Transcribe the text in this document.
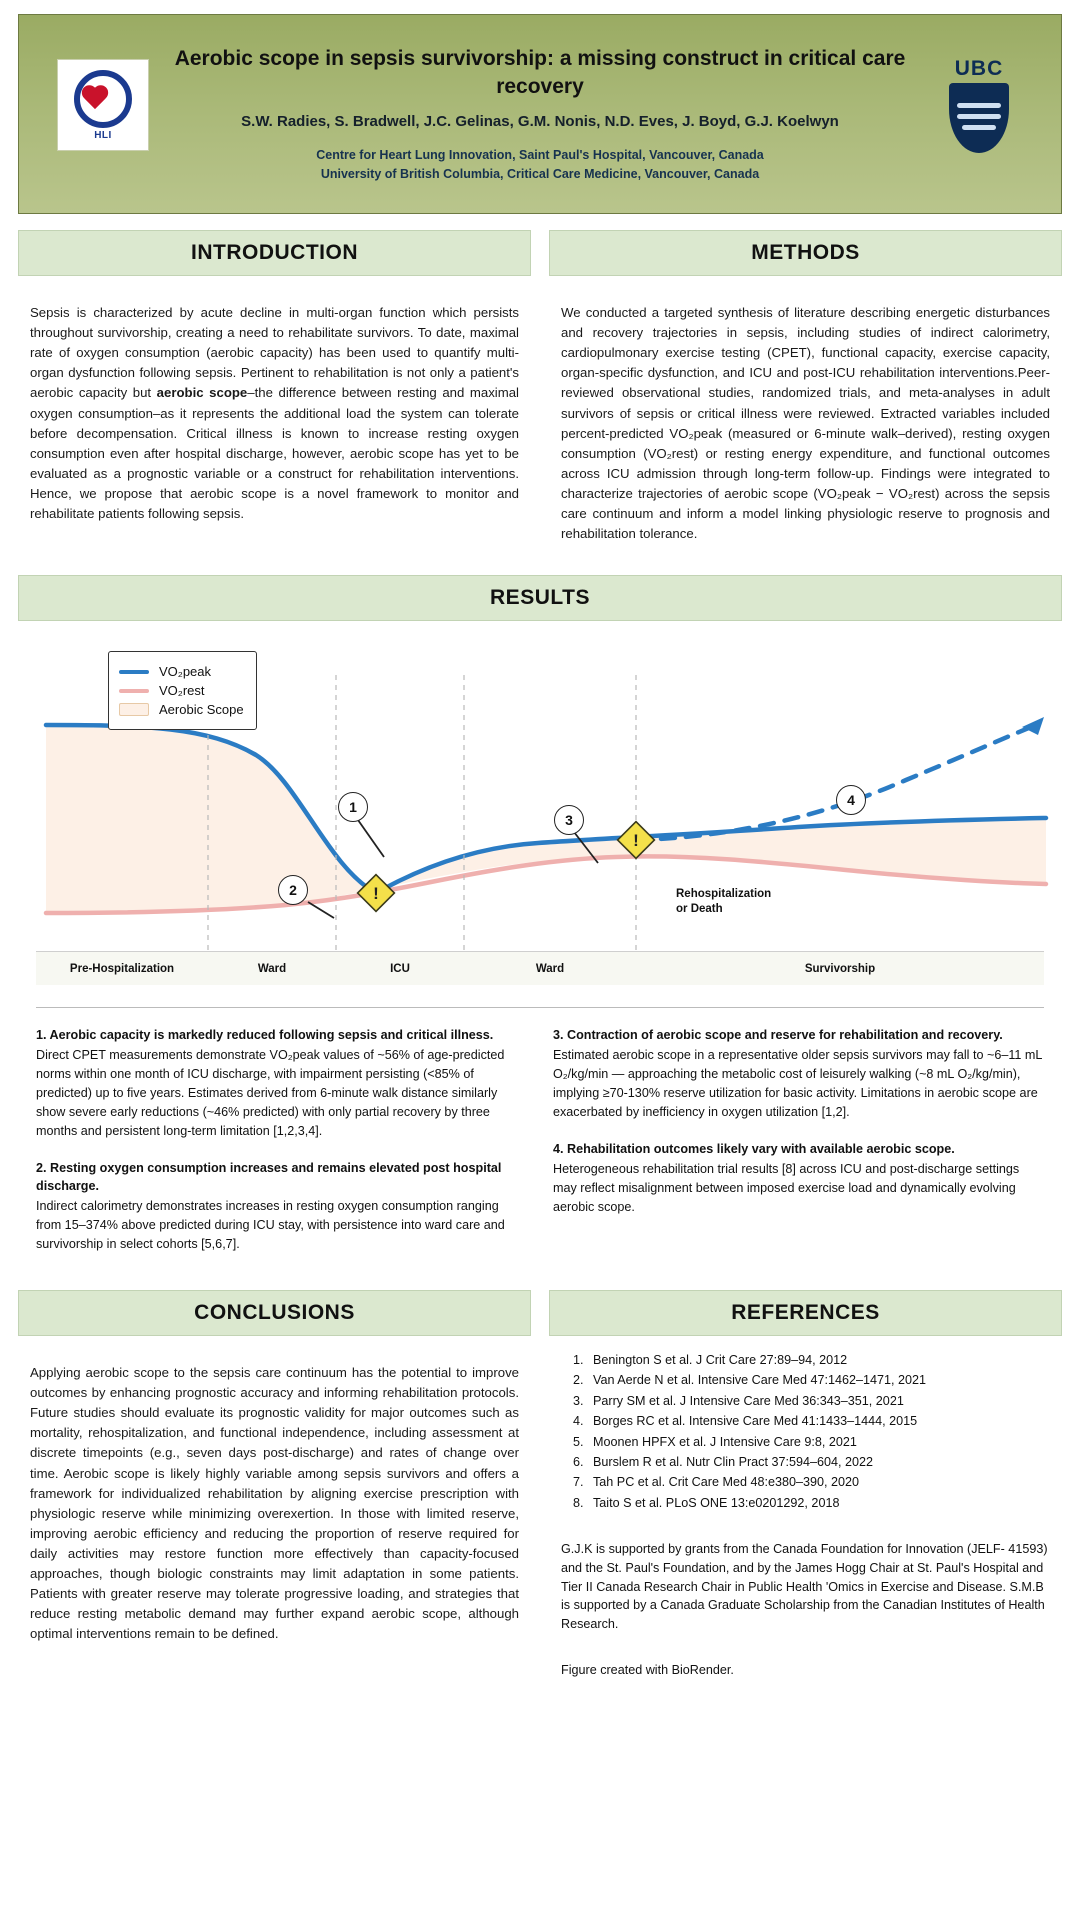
HLI
Aerobic scope in sepsis survivorship: a missing construct in critical care recovery
S.W. Radies, S. Bradwell, J.C. Gelinas, G.M. Nonis, N.D. Eves, J. Boyd, G.J. Koelwyn
Centre for Heart Lung Innovation, Saint Paul's Hospital, Vancouver, Canada
University of British Columbia, Critical Care Medicine, Vancouver, Canada
UBC
INTRODUCTION

Sepsis is characterized by acute decline in multi-organ function which persists throughout survivorship, creating a need to rehabilitate survivors. To date, maximal rate of oxygen consumption (aerobic capacity) has been used to quantify multi-organ dysfunction following sepsis. Pertinent to rehabilitation is not only a patient's aerobic capacity but aerobic scope–the difference between resting and maximal oxygen consumption–as it represents the additional load the system can tolerate before decompensation. Critical illness is known to increase resting oxygen consumption even after hospital discharge, however, aerobic scope has yet to be evaluated as a prognostic variable or a construct for rehabilitation interventions. Hence, we propose that aerobic scope is a novel framework to monitor and rehabilitate patients following sepsis.

METHODS

We conducted a targeted synthesis of literature describing energetic disturbances and recovery trajectories in sepsis, including studies of indirect calorimetry, cardiopulmonary exercise testing (CPET), functional capacity, exercise capacity, organ-specific dysfunction, and ICU and post-ICU rehabilitation interventions.Peer-reviewed observational studies, randomized trials, and meta-analyses in adult survivors of sepsis or critical illness were reviewed. Extracted variables included percent-predicted VO₂peak (measured or 6-minute walk–derived), resting oxygen consumption (VO₂rest) or resting energy expenditure, and functional outcomes across ICU admission through long-term follow-up. Findings were integrated to characterize trajectories of aerobic scope (VO₂peak − VO₂rest) across the sepsis care continuum and inform a model linking physiologic reserve to prognosis and rehabilitation tolerance.

RESULTS
!
!
VO₂peak
VO₂rest
Aerobic Scope
1
2
3
4
Rehospitalization
or Death
Pre-Hospitalization	Ward	ICU	Ward	Survivorship
1. Aerobic capacity is markedly reduced following sepsis and critical illness.

Direct CPET measurements demonstrate VO₂peak values of ~56% of age-predicted norms within one month of ICU discharge, with impairment persisting (<85% of predicted) up to five years. Estimates derived from 6-minute walk distance similarly show severe early reductions (~46% predicted) with only partial recovery by three months and persistent long-term limitation [1,2,3,4].

2. Resting oxygen consumption increases and remains elevated post hospital discharge.

Indirect calorimetry demonstrates increases in resting oxygen consumption ranging from 15–374% above predicted during ICU stay, with persistence into ward care and survivorship in select cohorts [5,6,7].

3. Contraction of aerobic scope and reserve for rehabilitation and recovery.

Estimated aerobic scope in a representative older sepsis survivors may fall to ~6–11 mL O₂/kg/min — approaching the metabolic cost of leisurely walking (~8 mL O₂/kg/min), implying ≥70-130% reserve utilization for basic activity. Limitations in aerobic scope are exacerbated by inefficiency in oxygen utilization [1,2].

4. Rehabilitation outcomes likely vary with available aerobic scope.

Heterogeneous rehabilitation trial results [8] across ICU and post-discharge settings may reflect misalignment between imposed exercise load and dynamically evolving aerobic scope.

CONCLUSIONS

Applying aerobic scope to the sepsis care continuum has the potential to improve outcomes by enhancing prognostic accuracy and informing rehabilitation protocols. Future studies should evaluate its prognostic validity for major outcomes such as mortality, rehospitalization, and functional independence, including assessment at discrete timepoints (e.g., seven days post-discharge) and rates of change over time. Aerobic scope is likely highly variable among sepsis survivors and offers a framework for individualized rehabilitation by aligning exercise prescription with physiologic reserve while minimizing overexertion. In those with limited reserve, improving aerobic efficiency and reducing the proportion of reserve required for daily activities may restore function more effectively than capacity-focused approaches, though biologic constraints may limit adaptation in some patients. Patients with greater reserve may tolerate progressive loading, and strategies that reduce resting metabolic demand may further expand aerobic scope, although optimal interventions remain to be defined.

REFERENCES
1. Benington S et al. J Crit Care 27:89–94, 2012
2. Van Aerde N et al. Intensive Care Med 47:1462–1471, 2021
3. Parry SM et al. J Intensive Care Med 36:343–351, 2021
4. Borges RC et al. Intensive Care Med 41:1433–1444, 2015
5. Moonen HPFX et al. J Intensive Care 9:8, 2021
6. Burslem R et al. Nutr Clin Pract 37:594–604, 2022
7. Tah PC et al. Crit Care Med 48:e380–390, 2020
8. Taito S et al. PLoS ONE 13:e0201292, 2018

G.J.K is supported by grants from the Canada Foundation for Innovation (JELF- 41593) and the St. Paul's Foundation, and by the James Hogg Chair at St. Paul's Hospital and Tier II Canada Research Chair in Public Health 'Omics in Exercise and Disease. S.M.B is supported by a Canada Graduate Scholarship from the Canadian Institutes of Health Research.

Figure created with BioRender.
